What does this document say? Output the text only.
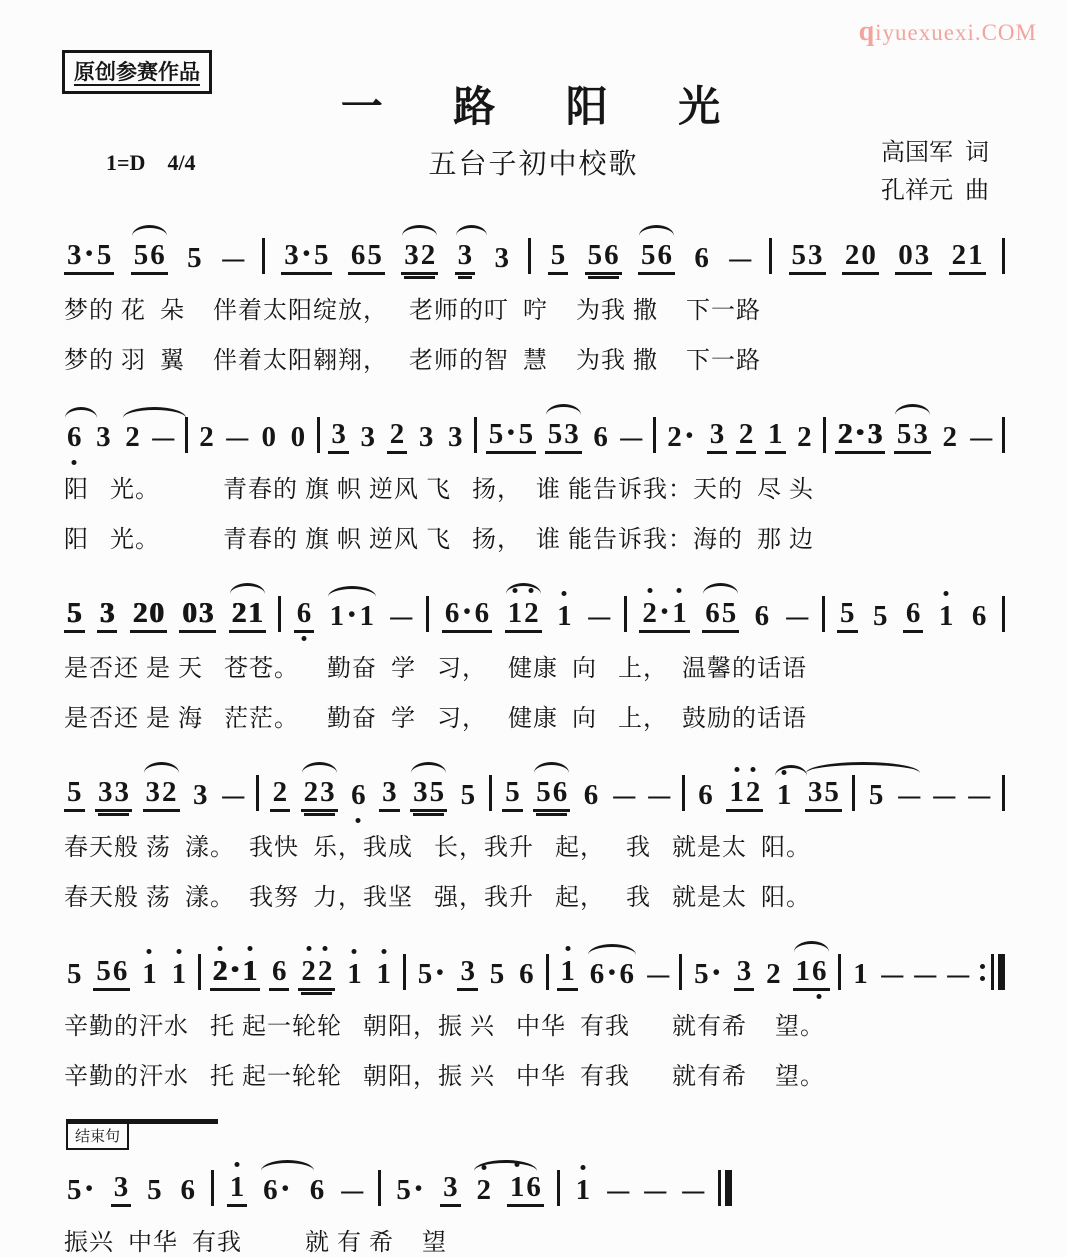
qiyuexuexi.COM
原创参赛作品
一 路 阳 光
1=D 4/4	五台子初中校歌	高国军  词
孔祥元  曲
3 • 5 56 5 – 3 • 5 65 32 3 3 5 56 56 6 – 53 20 03 21
梦的 花  朵    伴着太阳绽放，   老师的叮  咛    为我 撒    下一路
梦的 羽  翼    伴着太阳翱翔，   老师的智  慧    为我 撒    下一路
6 3 2 – 2 – 0 0 3 3 2 3 3 5 • 5 53 6 – 2 • 3 2 1 2 2 • 3 53 2 –
阳   光。         青春的 旗 帜 逆风 飞   扬，  谁 能告诉我：天的  尽 头
阳   光。         青春的 旗 帜 逆风 飞   扬，  谁 能告诉我：海的  那 边
5 3 20 03 21 6 1 • 1 – 6 • 6 12 1 – 2 • 1 65 6 – 5 5 6 1 6
是否还 是 天   苍苍。    勤奋  学   习，   健康  向   上，  温馨的话语
是否还 是 海   茫茫。    勤奋  学   习，   健康  向   上，  鼓励的话语
5 33 32 3 – 2 23 6 3 35 5 5 56 6 – – 6 12 1 35 5 – – –
春天般 荡  漾。  我快  乐，我成   长，我升   起，   我   就是太  阳。
春天般 荡  漾。  我努  力，我坚   强，我升   起，   我   就是太  阳。
5 56 1 1 2 • 1 6 22 1 1 5 • 3 5 6 1 6 • 6 – 5 • 3 2 16 1 – – –
辛勤的汗水   托 起一轮轮   朝阳，振 兴   中华  有我      就有希    望。
辛勤的汗水   托 起一轮轮   朝阳，振 兴   中华  有我      就有希    望。
结束句
5 • 3 5 6 1 6 • 6 – 5 • 3 2 16 1 – – –
振兴  中华  有我         就 有 希    望
